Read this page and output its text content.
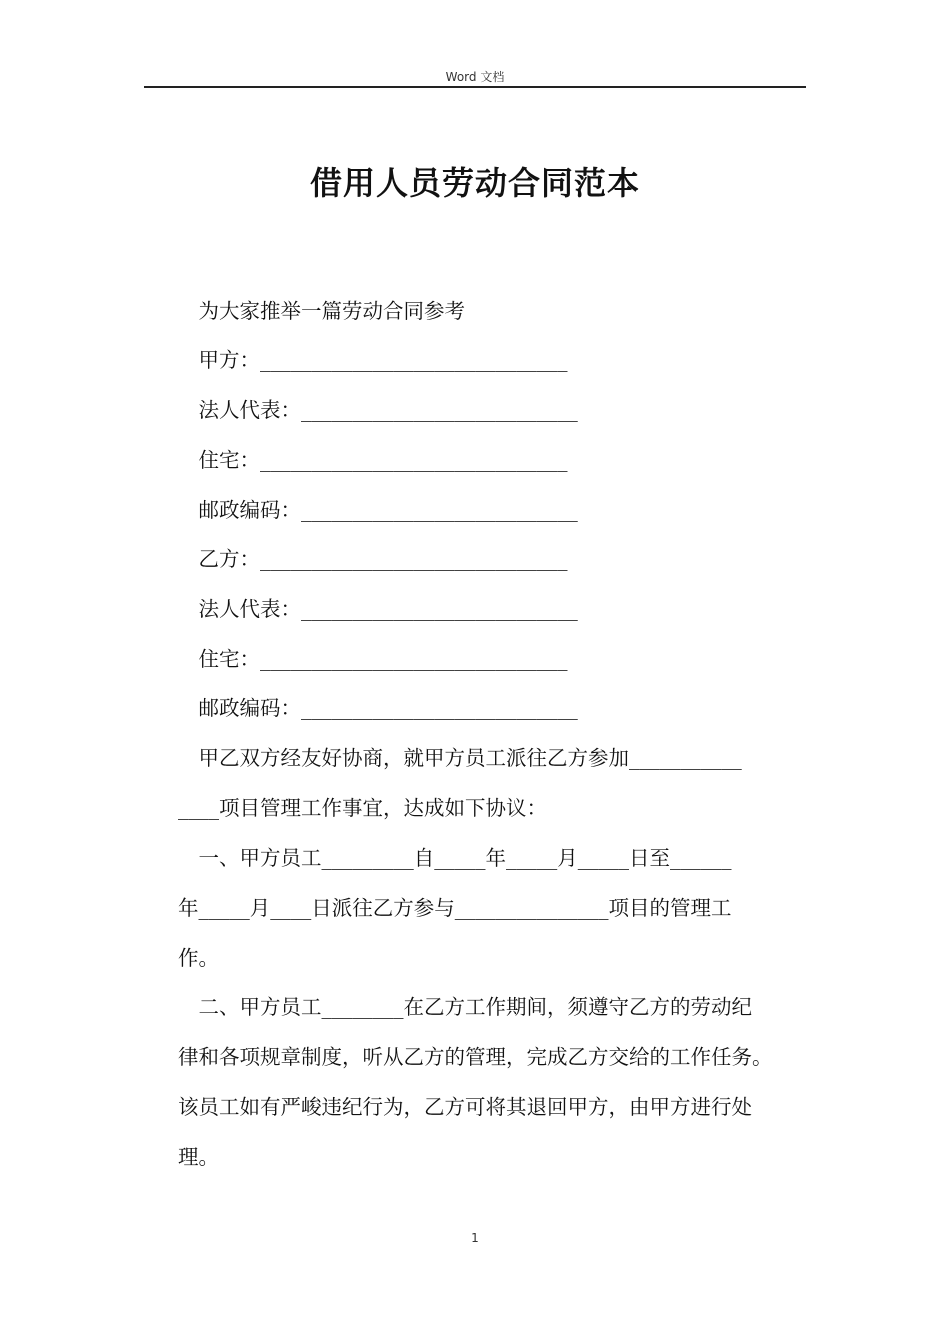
Word 文档
借用人员劳动合同范本
　为大家推举一篇劳动合同参考
　甲方：______________________________
　法人代表：___________________________
　住宅：______________________________
　邮政编码：___________________________
　乙方：______________________________
　法人代表：___________________________
　住宅：______________________________
　邮政编码：___________________________
　甲乙双方经友好协商，就甲方员工派往乙方参加___________
____项目管理工作事宜，达成如下协议：
　一、甲方员工_________自_____年_____月_____日至______
年_____月____日派往乙方参与_______________项目的管理工
作。
　二、甲方员工________在乙方工作期间，须遵守乙方的劳动纪
律和各项规章制度，听从乙方的管理，完成乙方交给的工作任务。
该员工如有严峻违纪行为，乙方可将其退回甲方，由甲方进行处
理。
1
